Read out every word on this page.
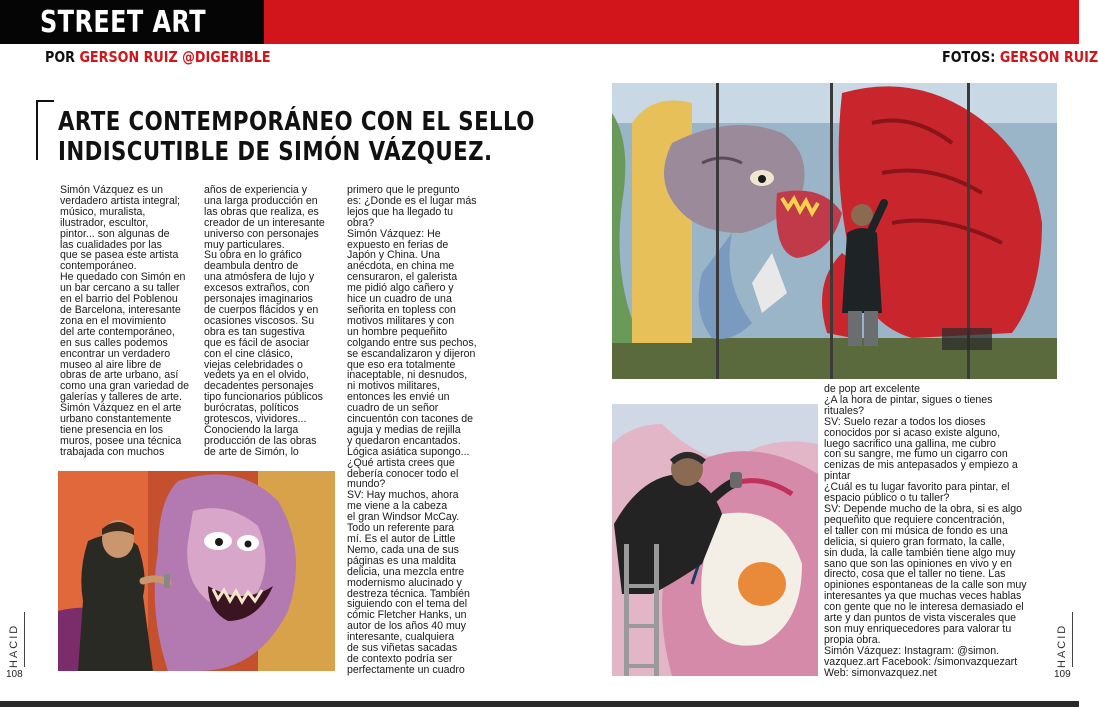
STREET ART
POR GERSON RUIZ @DIGERIBLE	FOTOS: GERSON RUIZ
ARTE CONTEMPORÁNEO CON EL SELLO
INDISCUTIBLE DE SIMÓN VÁZQUEZ.
Simón Vázquez es un
verdadero artista integral;
músico, muralista,
ilustrador, escultor,
pintor... son algunas de
las cualidades por las
que se pasea este artista
contemporáneo.
He quedado con Simón en
un bar cercano a su taller
en el barrio del Poblenou
de Barcelona, interesante
zona en el movimiento
del arte contemporáneo,
en sus calles podemos
encontrar un verdadero
museo al aire libre de
obras de arte urbano, así
como una gran variedad de
galerías y talleres de arte.
Simón Vázquez en el arte
urbano constantemente
tiene presencia en los
muros, posee una técnica
trabajada con muchos
años de experiencia y
una larga producción en
las obras que realiza, es
creador de un interesante
universo con personajes
muy particulares.
Su obra en lo gráfico
deambula dentro de
una atmósfera de lujo y
excesos extraños, con
personajes imaginarios
de cuerpos flácidos y en
ocasiones viscosos. Su
obra es tan sugestiva
que es fácil de asociar
con el cine clásico,
viejas celebridades o
vedets ya en el olvido,
decadentes personajes
tipo funcionarios públicos
burócratas, políticos
grotescos, vividores...
Conociendo la larga
producción de las obras
de arte de Simón, lo
primero que le pregunto
es: ¿Donde es el lugar más
lejos que ha llegado tu
obra?
Simón Vázquez: He
expuesto en ferias de
Japón y China. Una
anécdota, en china me
censuraron, el galerista
me pidió algo cañero y
hice un cuadro de una
señorita en topless con
motivos militares y con
un hombre pequeñito
colgando entre sus pechos,
se escandalizaron y dijeron
que eso era totalmente
inaceptable, ni desnudos,
ni motivos militares,
entonces les envié un
cuadro de un señor
cincuentón con tacones de
aguja y medias de rejilla
y quedaron encantados.
Lógica asiática supongo...
¿Qué artista crees que
debería conocer todo el
mundo?
SV: Hay muchos, ahora
me viene a la cabeza
el gran Windsor McCay.
Todo un referente para
mí. Es el autor de Little
Nemo, cada una de sus
páginas es una maldita
delicia, una mezcla entre
modernismo alucinado y
destreza técnica. También
siguiendo con el tema del
cómic Fletcher Hanks, un
autor de los años 40 muy
interesante, cualquiera
de sus viñetas sacadas
de contexto podría ser
perfectamente un cuadro
de pop art excelente
¿A la hora de pintar, sigues o tienes
rituales?
SV: Suelo rezar a todos los dioses
conocidos por si acaso existe alguno,
luego sacrifico una gallina, me cubro
con su sangre, me fumo un cigarro con
cenizas de mis antepasados y empiezo a
pintar
¿Cuál es tu lugar favorito para pintar, el
espacio público o tu taller?
SV: Depende mucho de la obra, si es algo
pequeñito que requiere concentración,
el taller con mi música de fondo es una
delicia, si quiero gran formato, la calle,
sin duda, la calle también tiene algo muy
sano que son las opiniones en vivo y en
directo, cosa que el taller no tiene. Las
opiniones espontaneas de la calle son muy
interesantes ya que muchas veces hablas
con gente que no le interesa demasiado el
arte y dan puntos de vista viscerales que
son muy enriquecedores para valorar tu
propia obra.
Simón Vázquez: Instagram: @simon.
vazquez.art Facebook: /simonvazquezart
Web: simonvazquez.net
HACID	HACID
108	109
